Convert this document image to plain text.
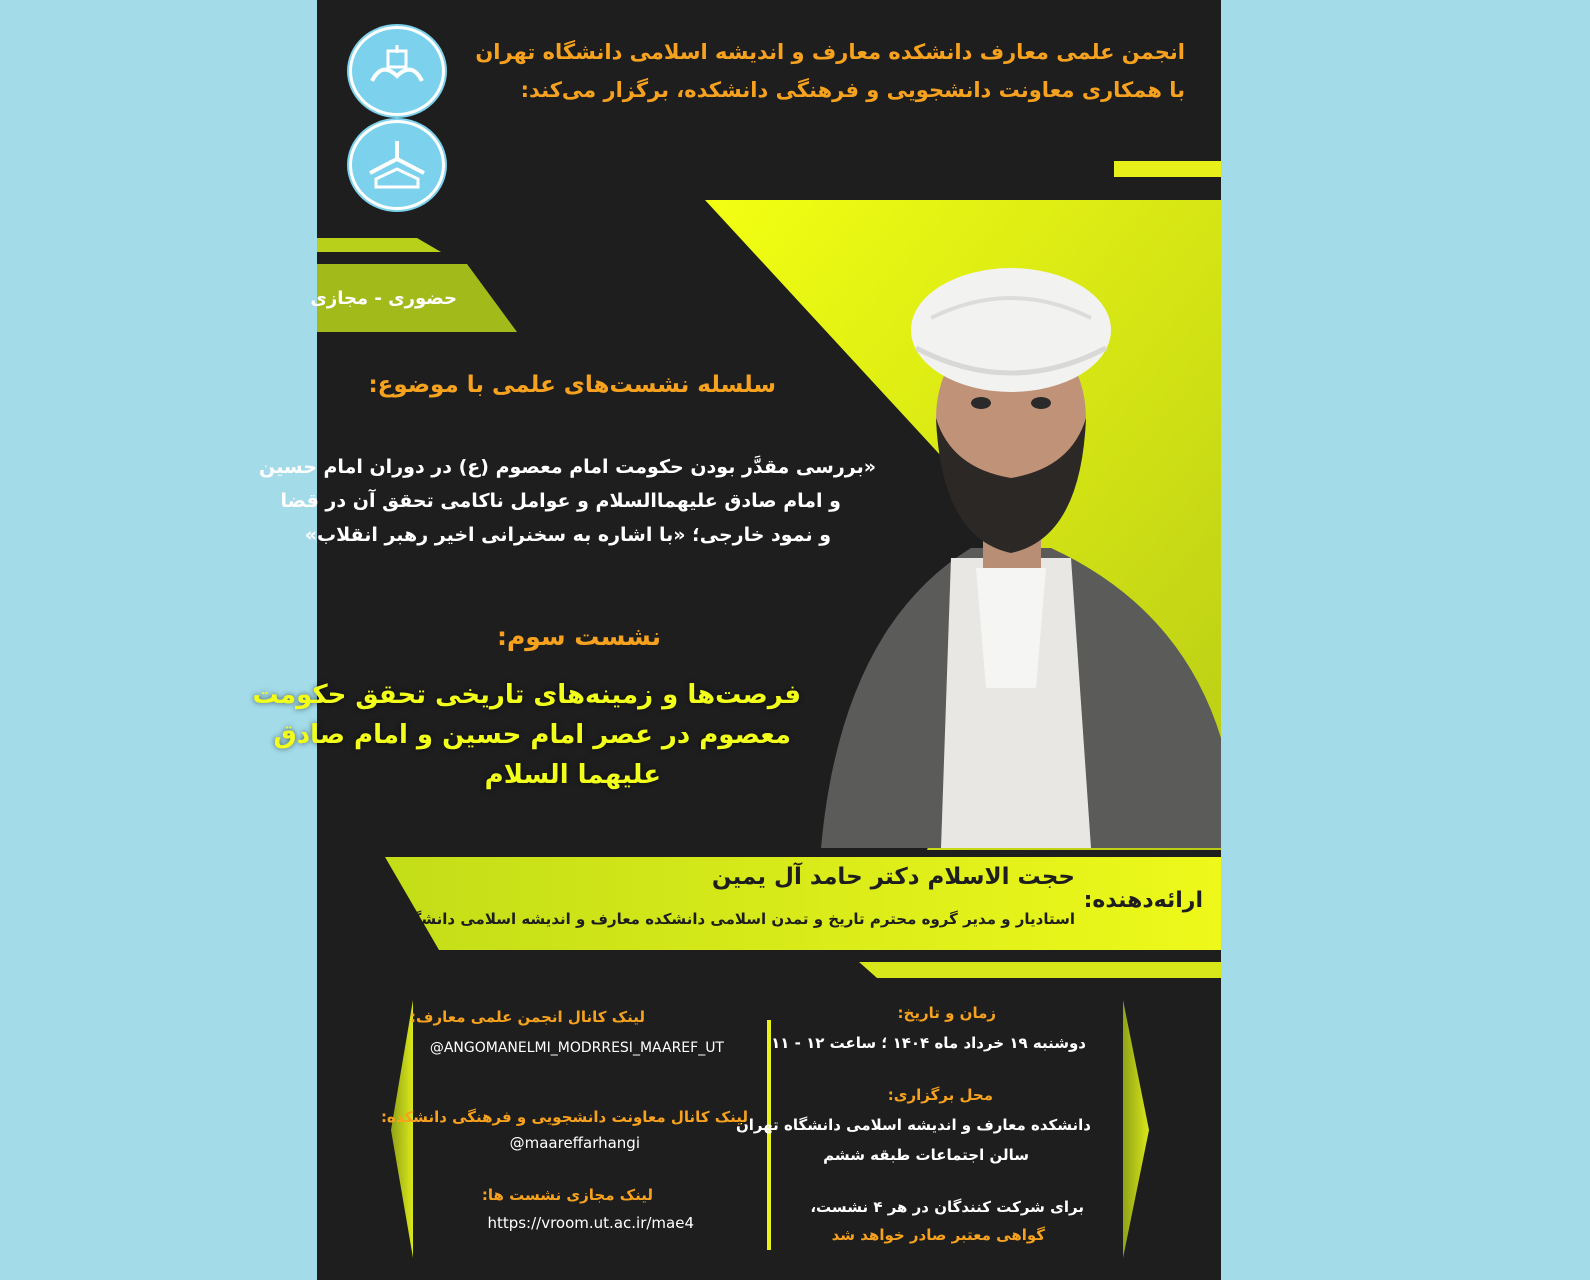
انجمن علمی معارف دانشکده معارف و اندیشه اسلامی دانشگاه تهران
با همکاری معاونت دانشجویی و فرهنگی دانشکده، برگزار می‌کند:
حضوری - مجازی
سلسله نشست‌های علمی با موضوع:
«بررسی مقدَّر بودن حکومت امام معصوم (ع) در دوران امام حسین
و امام صادق علیهماالسلام و عوامل ناکامی تحقق آن در قضا
و نمود خارجی؛ «با اشاره به سخنرانی اخیر رهبر انقلاب»
نشست سوم:
فرصت‌ها و زمینه‌های تاریخی تحقق حکومت
معصوم در عصر امام حسین و امام صادق
علیهما السلام
ارائه‌دهنده:
حجت الاسلام دکتر حامد آل یمین
استادیار و مدیر گروه محترم تاریخ و تمدن اسلامی دانشکده معارف و اندیشه اسلامی دانشگاه تهران
زمان و تاریخ:
دوشنبه ۱۹ خرداد ماه ۱۴۰۴ ؛ ساعت ۱۲ - ۱۱
محل برگزاری:
دانشکده معارف و اندیشه اسلامی دانشگاه تهران
سالن اجتماعات طبقه ششم
برای شرکت کنندگان در هر ۴ نشست،
گواهی معتبر صادر خواهد شد
لینک کانال انجمن علمی معارف:
@ANGOMANELMI_MODRRESI_MAAREF_UT
لینک کانال معاونت دانشجویی و فرهنگی دانشکده:
@maareffarhangi
لینک مجازی نشست ها:
https://vroom.ut.ac.ir/mae4
